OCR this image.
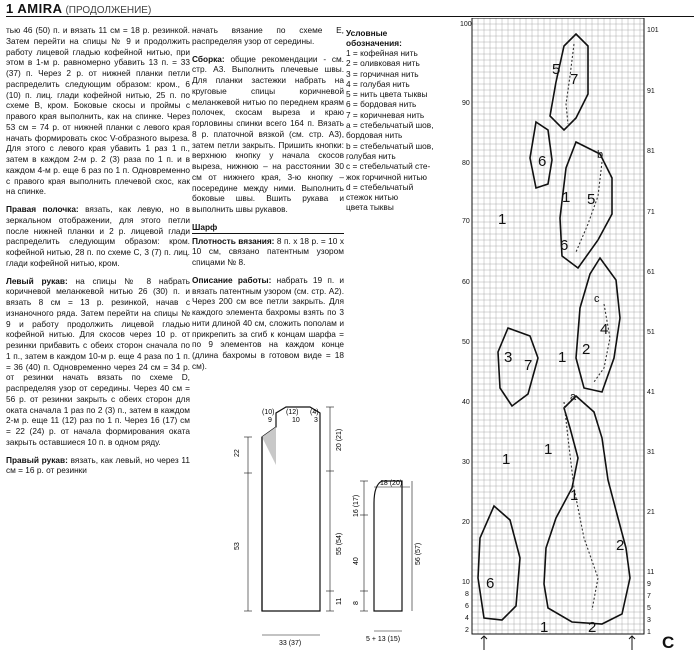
1 AMIRA (ПРОДОЛЖЕНИЕ)

тью 46 (50) п. и вязать 11 см = 18 р. резинкой. Затем перейти на спицы № 9 и продолжить работу лицевой гладью кофейной нитью, при этом в 1-м р. равномерно убавить 13 п. = 33 (37) п. Через 2 р. от нижней планки петли распределить следующим образом: кром., 6 (10) п. лиц. глади кофейной нитью, 25 п. по схеме В, кром. Боковые скосы и проймы с правого края выполнить, как на спинке. Через 53 см = 74 р. от нижней планки с левого края начать формировать скос V-образного выреза. Для этого с левого края убавить 1 раз 1 п., затем в каждом 2-м р. 2 (3) раза по 1 п. и в каждом 4-м р. еще 6 раз по 1 п. Одновременно с правого края выполнить плечевой скос, как на спинке.

Правая полочка: вязать, как левую, но в зеркальном отображении, для этого петли после нижней планки и 2 р. лицевой глади распределить следующим образом: кром. кофейной нитью, 28 п. по схеме С, 3 (7) п. лиц. глади кофейной нитью, кром.

Левый рукав: на спицы № 8 набрать коричневой меланжевой нитью 26 (30) п. и вязать 8 см = 13 р. резинкой, начав с изнаночного ряда. Затем перейти на спицы № 9 и работу продолжить лицевой гладью кофейной нитью. Для скосов через 10 р. от резинки прибавить с обеих сторон сначала по 1 п., затем в каждом 10-м р. еще 4 раза по 1 п. = 36 (40) п. Одновременно через 24 см = 34 р. от резинки начать вязать по схеме D, распределяя узор от середины. Через 40 см = 56 р. от резинки закрыть с обеих сторон для оката сначала 1 раз по 2 (3) п., затем в каждом 2-м р. еще 11 (12) раз по 1 п. Через 16 (17) см = 22 (24) р. от начала формирования оката закрыть оставшиеся 10 п. в одном ряду.

Правый рукав: вязать, как левый, но через 11 см = 16 р. от резинки

начать вязание по схеме Е, распределяя узор от середины.

Сборка: общие рекомендации - см. стр. А3. Выполнить плечевые швы. Для планки застежки набрать на круговые спицы коричневой меланжевой нитью по переднем краям полочек, скосам выреза и краю горловины спинки всего 164 п. Вязать 8 р. платочной вязкой (см. стр. А3), затем петли закрыть. Пришить кнопки: верхнюю кнопку у начала скосов выреза, нижнюю – на расстоянии 30 см от нижнего края, 3-ю кнопку – посередине между ними. Выполнить боковые швы. Вшить рукава и выполнить швы рукавов.

Шарф

Плотность вязания: 8 п. х 18 р. = 10 х 10 см, связано патентным узором спицами № 8.

Описание работы: набрать 19 п. и вязать патентным узором (см. стр. А2). Через 200 см все петли закрыть. Для каждого элемента бахромы взять по 3 нити длиной 40 см, сложить пополам и прикрепить за сгиб к концам шарфа = по 9 элементов на каждом конце (длина бахромы в готовом виде = 18 см).

Условные
обозначения:
1 = кофейная нить
2 = оливковая нить
3 = горчичная нить
4 = голубая нить
5 = нить цвета тыквы
6 = бордовая нить
7 = коричневая нить
a = стебельчатый шов,
бордовая нить
b = стебельчатый шов,
голубая нить
c = стебельчатый сте-
жок горчичной нитью
d = стебельчатый
стежок нитью
цвета тыквы
(10) (12) (4)
9	10 3
22
53
20 (21)
55 (54)
11
33 (37)
18 (20)
16 (17)
40
8
56 (57)
5 + 13 (15)
100
90
80
70
60
50
40
30
20
10
8
6
4
2
101
91
81
71
61
51
41
31
21
11
9
7
5
3
1
5
7
6
1
b
5
6
1
c
4
2
3 7 1
a
1
1
2
6
1
1	2
C
